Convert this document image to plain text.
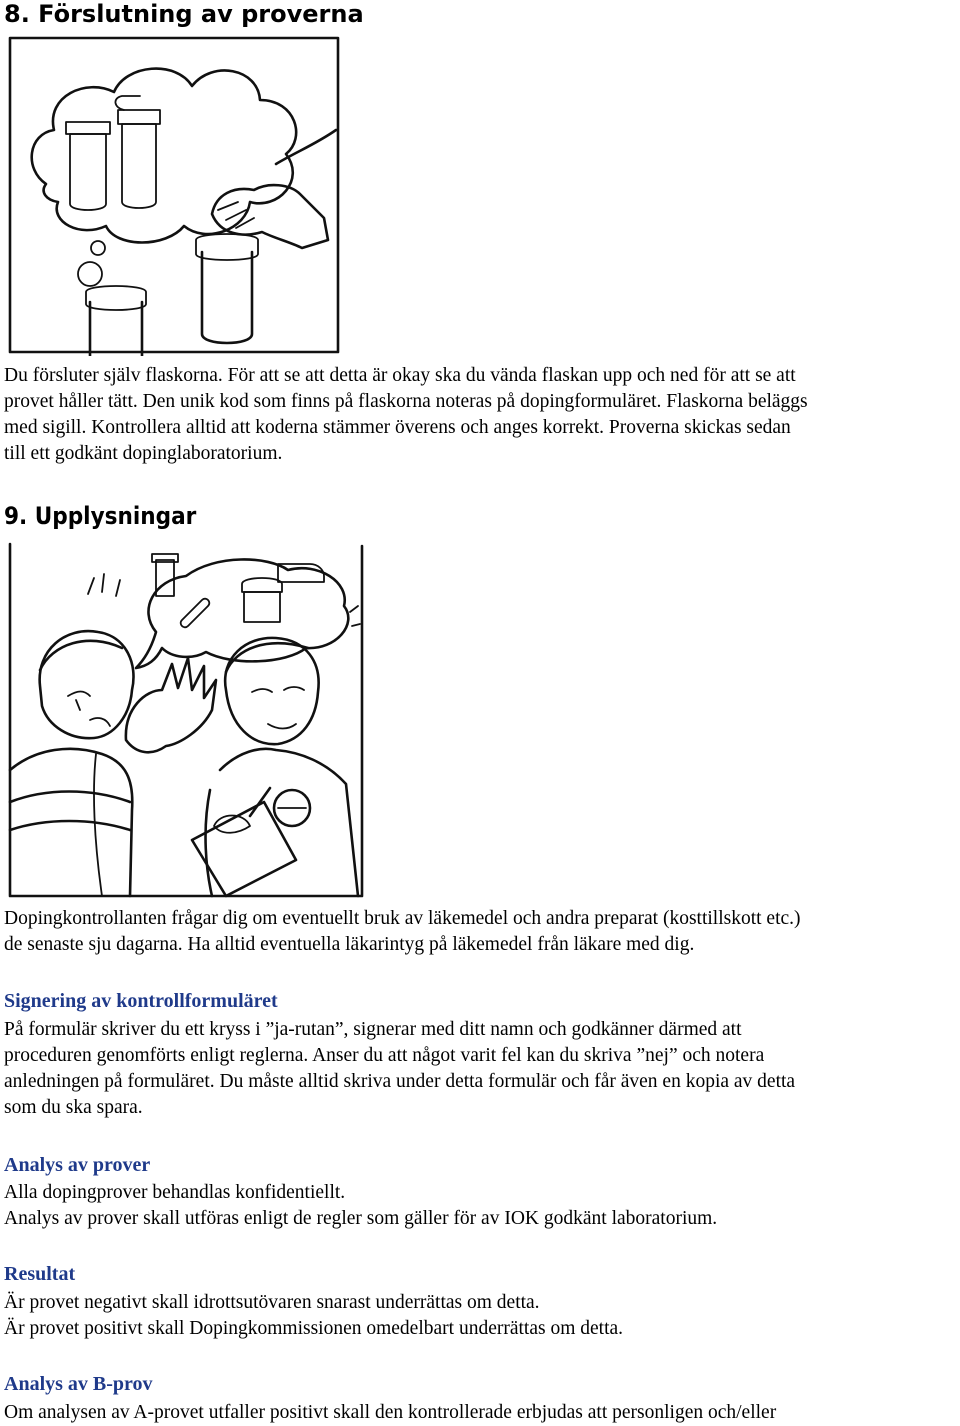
8. Förslutning av proverna
Du försluter själv flaskorna. För att se att detta är okay ska du vända flaskan upp och ned för att se att
provet håller tätt. Den unik kod som finns på flaskorna noteras på dopingformuläret. Flaskorna beläggs
med sigill. Kontrollera alltid att koderna stämmer överens och anges korrekt. Proverna skickas sedan
till ett godkänt dopinglaboratorium.
9. Upplysningar
Dopingkontrollanten frågar dig om eventuellt bruk av läkemedel och andra preparat (kosttillskott etc.)
de senaste sju dagarna. Ha alltid eventuella läkarintyg på läkemedel från läkare med dig.
Signering av kontrollformuläret
På formulär skriver du ett kryss i ”ja-rutan”, signerar med ditt namn och godkänner därmed att
proceduren genomförts enligt reglerna. Anser du att något varit fel kan du skriva ”nej” och notera
anledningen på formuläret. Du måste alltid skriva under detta formulär och får även en kopia av detta
som du ska spara.
Analys av prover
Alla dopingprover behandlas konfidentiellt.
Analys av prover skall utföras enligt de regler som gäller för av IOK godkänt laboratorium.
Resultat
Är provet negativt skall idrottsutövaren snarast underrättas om detta.
Är provet positivt skall Dopingkommissionen omedelbart underrättas om detta.
Analys av B-prov
Om analysen av A-provet utfaller positivt skall den kontrollerade erbjudas att personligen och/eller
